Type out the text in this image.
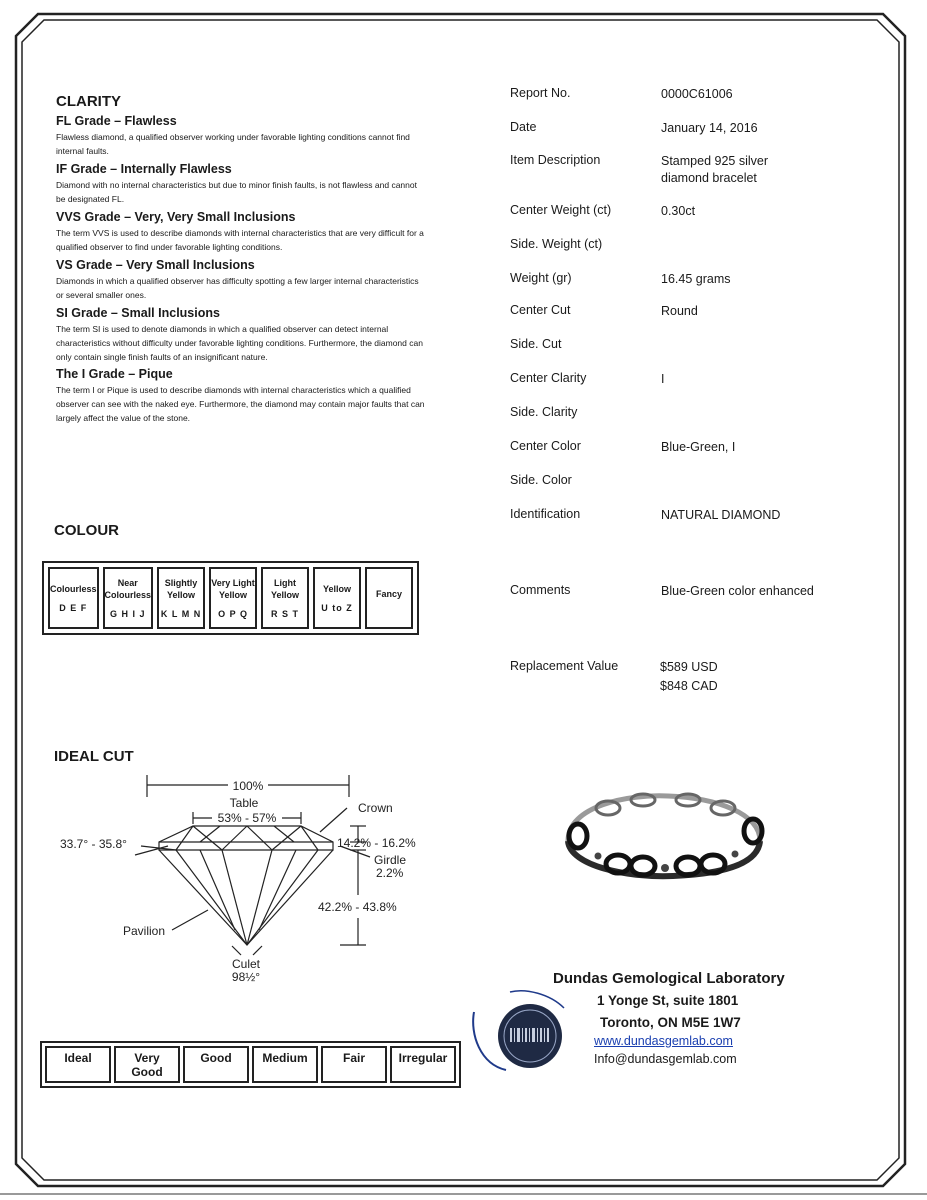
CLARITY
FL Grade – Flawless
Flawless diamond, a qualified observer working under favorable lighting conditions cannot find internal faults.
IF Grade – Internally Flawless
Diamond with no internal characteristics but due to minor finish faults, is not flawless and cannot be designated FL.
VVS Grade – Very, Very Small Inclusions
The term VVS is used to describe diamonds with internal characteristics that are very difficult for a qualified observer to find under favorable lighting conditions.
VS Grade – Very Small Inclusions
Diamonds in which a qualified observer has difficulty spotting a few larger internal characteristics or several smaller ones.
SI Grade – Small Inclusions
The term SI is used to denote diamonds in which a qualified observer can detect internal characteristics without difficulty under favorable lighting conditions. Furthermore, the diamond can only contain single finish faults of an insignificant nature.
The I Grade – Pique
The term I or Pique is used to describe diamonds with internal characteristics which a qualified observer can see with the naked eye. Furthermore, the diamond may contain major faults that can largely affect the value of the stone.
COLOUR
Colourless
D E F

Near Colourless
G H I J

Slightly Yellow
K L M N

Very Light Yellow
O P Q

Light Yellow
R S T

Yellow
U to Z

Fancy
IDEAL CUT
100%
Table
53% - 57%
Crown
33.7° - 35.8°	14.2% - 16.2%
Girdle
2.2%
42.2% - 43.8%
Pavilion
Culet
98½°
Ideal	Very Good	Good	Medium	Fair	Irregular
Report No.	0000C61006
Date	January 14, 2016
Item Description	Stamped 925 silver diamond bracelet
Center Weight (ct)	0.30ct
Side. Weight (ct)
Weight (gr)	16.45 grams
Center Cut	Round
Side. Cut
Center Clarity	I
Side. Clarity
Center Color	Blue-Green, I
Side. Color
Identification	NATURAL DIAMOND
Comments	Blue-Green color enhanced
Replacement Value	$589 USD
$848 CAD
Dundas Gemological Laboratory
1 Yonge St, suite 1801
Toronto, ON M5E 1W7
www.dundasgemlab.com
Info@dundasgemlab.com
